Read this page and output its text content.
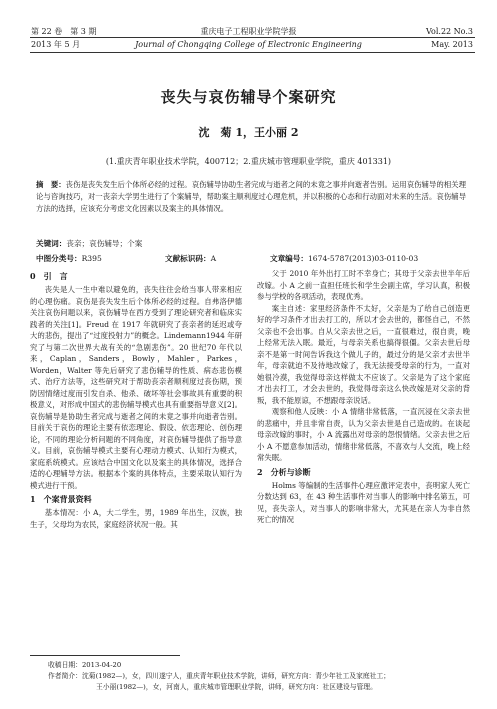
第 22 卷　第 3 期
2013 年 5 月
重庆电子工程职业学院学报
Journal of Chongqing College of Electronic Engineering
Vol.22 No.3
May. 2013
丧失与哀伤辅导个案研究
沈　菊 1，王小丽 2
(1.重庆青年职业技术学院，400712；2.重庆城市管理职业学院，重庆 401331)
摘　要：丧伤是丧失发生后个体所必经的过程。哀伤辅导协助生者完成与逝者之间的未竟之事并向逝者告别。运用哀伤辅导的相关理论与咨询技巧，对一丧亲大学男生进行了个案辅导，帮助案主顺利度过心理危机，并以积极的心态和行动面对未来的生活。哀伤辅导方法的选择，应该充分考虑文化因素以及案主的具体情况。
关键词：丧亲；哀伤辅导；个案
中图分类号：R395	文献标识码：A	文章编号：1674-5787(2013)03-0110-03
0　引　言

丧失是人一生中难以避免的，丧失往往会给当事人带来相应的心理伤痛。哀伤是丧失发生后个体所必经的过程。自弗洛伊德关注哀伤问题以来，哀伤辅导在西方受到了理论研究者和临床实践者的关注[1]。Freud 在 1917 年就研究了丧亲者的延迟或夸大的悲伤，提出了“过度投射力”的概念。Lindemann1944 年研究了与第二次世界大战有关的“急剧悲伤”。20 世纪70 年代以来，Caplan，Sanders，Bowly，Mahler，Parkes，Worden，Walter 等先后研究了悲伤辅导的性质、病态悲伤模式、治疗方法等，这些研究对于帮助丧亲者顺利度过丧伤期，预防因情绪过度而引发自杀、他杀、破坏等社会事故具有重要的积极意义，对形成中国式的悲伤辅导模式也具有重要指导意义[2]。哀伤辅导是协助生者完成与逝者之间的未竟之事并向逝者告别。目前关于哀伤的理论主要有依恋理论、假设、依恋理论、创伤理论，不同的理论分析问题的不同角度，对哀伤辅导提供了指导意义。目前，哀伤辅导模式主要有心理动力模式、认知行为模式，家庭系统模式。应该结合中国文化以及案主的具体情况，选择合适的心理辅导方法。根据本个案的具体特点，主要采取认知行为模式进行干预。

1　个案背景资料

基本情况：小 A，大二学生，男，1989 年出生，汉族，独生子，父母均为农民，家庭经济状况一般。其

父于 2010 年外出打工时不幸身亡；其母于父亲去世半年后改嫁。小 A 之前一直担任班长和学生会副主席，学习认真，积极参与学校的各项活动，表现优秀。

案主自述：家里经济条件不太好，父亲是为了给自己创造更好的学习条件才出去打工的，所以才会去世的，都怪自己，不然父亲也不会出事。自从父亲去世之后，一直很难过，很自责，晚上经常无法入眠。最近，与母亲关系也搞得很僵。父亲去世后母亲不是第一时间告诉我这个做儿子的，最过分的是父亲才去世半年，母亲就迫不及待地改嫁了，我无法接受母亲的行为，一直对她很冷漠，我觉得母亲这样做太不应该了。父亲是为了这个家庭才出去打工，才会去世的，我觉得母亲这么快改嫁是对父亲的背叛，我不能原谅，不想跟母亲说话。

观察和他人反映：小 A 情绪非常低落，一直沉浸在父亲去世的悲痛中，并且非常自责，认为父亲去世是自己造成的。在谈起母亲改嫁的事时，小 A 流露出对母亲的怨恨情绪。父亲去世之后小 A 不愿意参加活动，情绪非常低落，不喜欢与人交流，晚上经常失眠。

2　分析与诊断

Holms 等编制的生活事件心理应激评定表中，丧明家人死亡分数达到 63，在 43 种生活事件对当事人的影响中排名第五，可见，丧失亲人，对当事人的影响非常大，尤其是在亲人为非自然死亡的情况

收稿日期：2013-04-20
作者简介：沈菊(1982—)，女，四川遂宁人，重庆青年职业技术学院，讲师，研究方向：青少年社工及家庭社工；
王小丽(1982—)，女，河南人，重庆城市管理职业学院，讲师，研究方向：社区建设与管理。
